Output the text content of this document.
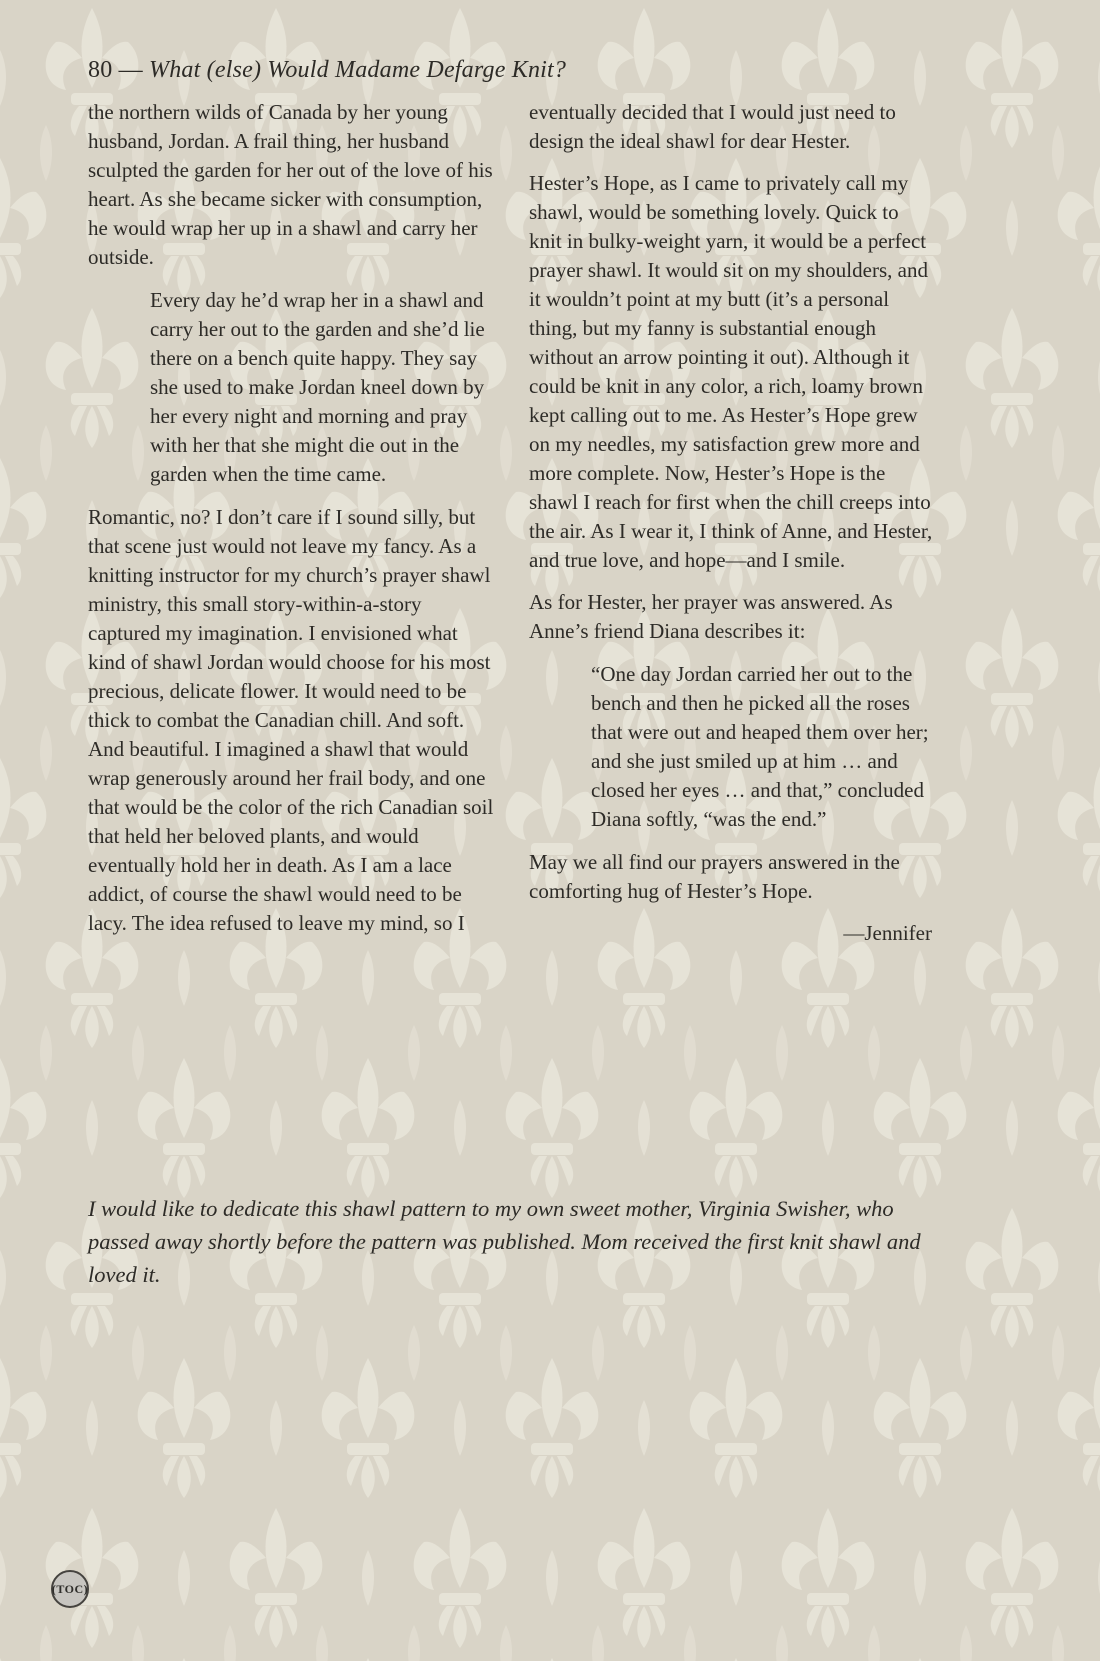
80 — What (else) Would Madame Defarge Knit?

the northern wilds of Canada by her young husband, Jordan. A frail thing, her husband sculpted the garden for her out of the love of his heart. As she became sicker with consumption, he would wrap her up in a shawl and carry her outside.

Every day he’d wrap her in a shawl and carry her out to the garden and she’d lie there on a bench quite happy. They say she used to make Jordan kneel down by her every night and morning and pray with her that she might die out in the garden when the time came.

Romantic, no? I don’t care if I sound silly, but that scene just would not leave my fancy. As a knitting instructor for my church’s prayer shawl ministry, this small story-within-a-story captured my imagination. I envisioned what kind of shawl Jordan would choose for his most precious, delicate flower. It would need to be thick to combat the Canadian chill. And soft. And beautiful. I imagined a shawl that would wrap generously around her frail body, and one that would be the color of the rich Canadian soil that held her beloved plants, and would eventually hold her in death. As I am a lace addict, of course the shawl would need to be lacy. The idea refused to leave my mind, so I

eventually decided that I would just need to design the ideal shawl for dear Hester.

Hester’s Hope, as I came to privately call my shawl, would be something lovely. Quick to knit in bulky-weight yarn, it would be a perfect prayer shawl. It would sit on my shoulders, and it wouldn’t point at my butt (it’s a personal thing, but my fanny is substantial enough without an arrow pointing it out). Although it could be knit in any color, a rich, loamy brown kept calling out to me. As Hester’s Hope grew on my needles, my satisfaction grew more and more complete. Now, Hester’s Hope is the shawl I reach for first when the chill creeps into the air. As I wear it, I think of Anne, and Hester, and true love, and hope—and I smile.

As for Hester, her prayer was answered. As Anne’s friend Diana describes it:

“One day Jordan carried her out to the bench and then he picked all the roses that were out and heaped them over her; and she just smiled up at him … and closed her eyes … and that,” concluded Diana softly, “was the end.”

May we all find our prayers answered in the comforting hug of Hester’s Hope.

—Jennifer
I would like to dedicate this shawl pattern to my own sweet mother, Virginia Swisher, who passed away shortly before the pattern was published. Mom received the first knit shawl and loved it.
( TOC )
